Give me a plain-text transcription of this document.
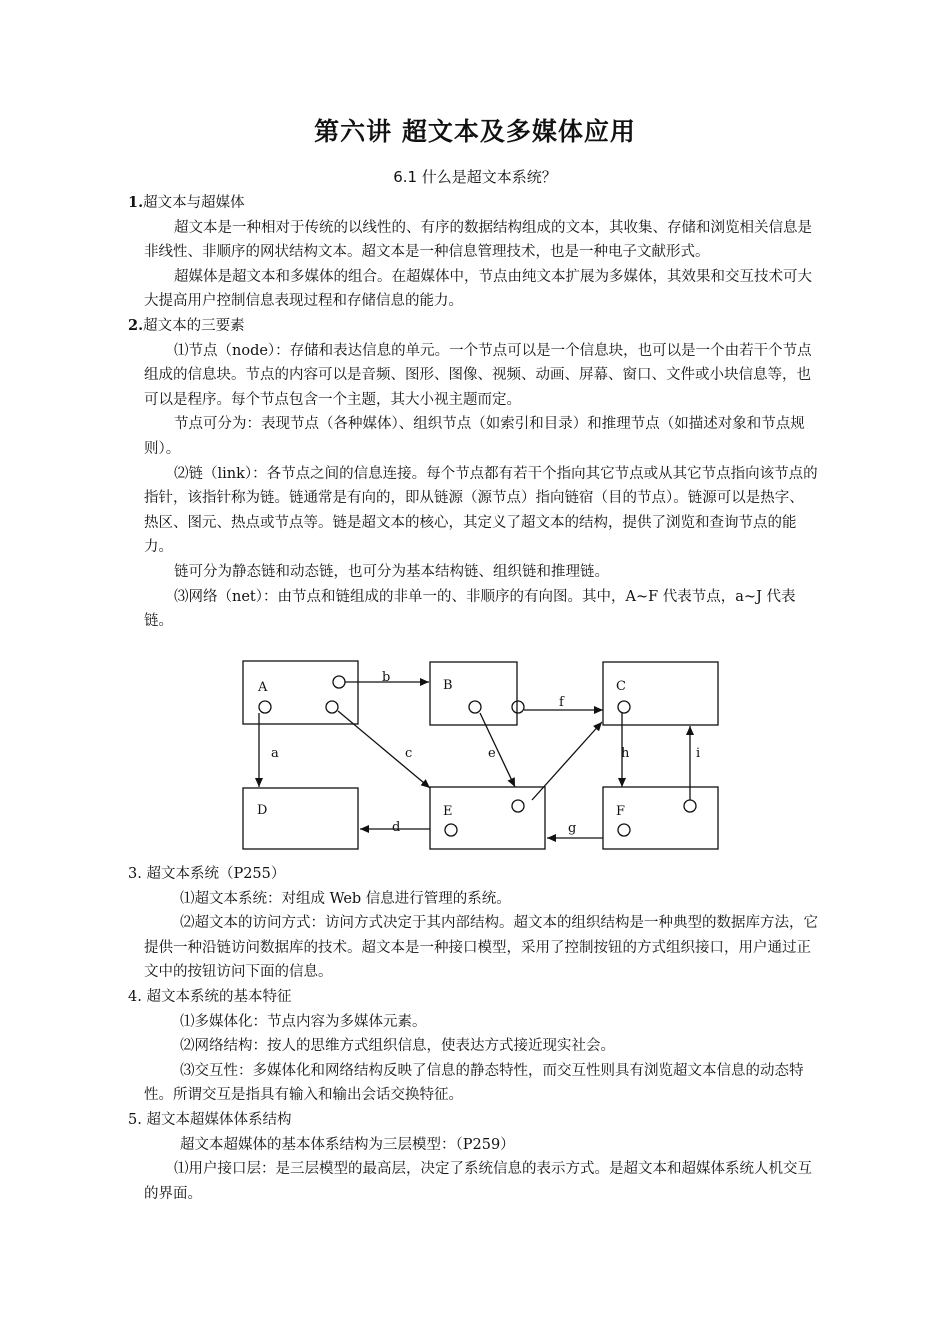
第六讲 超文本及多媒体应用
6.1 什么是超文本系统？

1.超文本与超媒体

超文本是一种相对于传统的以线性的、有序的数据结构组成的文本，其收集、存储和浏览相关信息是非线性、非顺序的网状结构文本。超文本是一种信息管理技术，也是一种电子文献形式。

超媒体是超文本和多媒体的组合。在超媒体中，节点由纯文本扩展为多媒体，其效果和交互技术可大大提高用户控制信息表现过程和存储信息的能力。

2.超文本的三要素

⑴节点（node）：存储和表达信息的单元。一个节点可以是一个信息块，也可以是一个由若干个节点组成的信息块。节点的内容可以是音频、图形、图像、视频、动画、屏幕、窗口、文件或小块信息等，也可以是程序。每个节点包含一个主题，其大小视主题而定。

节点可分为：表现节点（各种媒体）、组织节点（如索引和目录）和推理节点（如描述对象和节点规则）。

⑵链（link）：各节点之间的信息连接。每个节点都有若干个指向其它节点或从其它节点指向该节点的指针，该指针称为链。链通常是有向的，即从链源（源节点）指向链宿（目的节点）。链源可以是热字、热区、图元、热点或节点等。链是超文本的核心，其定义了超文本的结构，提供了浏览和查询节点的能力。

链可分为静态链和动态链，也可分为基本结构链、组织链和推理链。

⑶网络（net）：由节点和链组成的非单一的、非顺序的有向图。其中，A~F 代表节点，a~J 代表链。

A	B	C
D	E	F
a
b
c
d
e
f
g
h	i

3. 超文本系统（P255）

⑴超文本系统：对组成 Web 信息进行管理的系统。

⑵超文本的访问方式：访问方式决定于其内部结构。超文本的组织结构是一种典型的数据库方法，它提供一种沿链访问数据库的技术。超文本是一种接口模型，采用了控制按钮的方式组织接口，用户通过正文中的按钮访问下面的信息。

4. 超文本系统的基本特征

⑴多媒体化：节点内容为多媒体元素。

⑵网络结构：按人的思维方式组织信息，使表达方式接近现实社会。

⑶交互性：多媒体化和网络结构反映了信息的静态特性，而交互性则具有浏览超文本信息的动态特性。所谓交互是指具有输入和输出会话交换特征。

5. 超文本超媒体体系结构

超文本超媒体的基本体系结构为三层模型：（P259）

⑴用户接口层：是三层模型的最高层，决定了系统信息的表示方式。是超文本和超媒体系统人机交互的界面。
